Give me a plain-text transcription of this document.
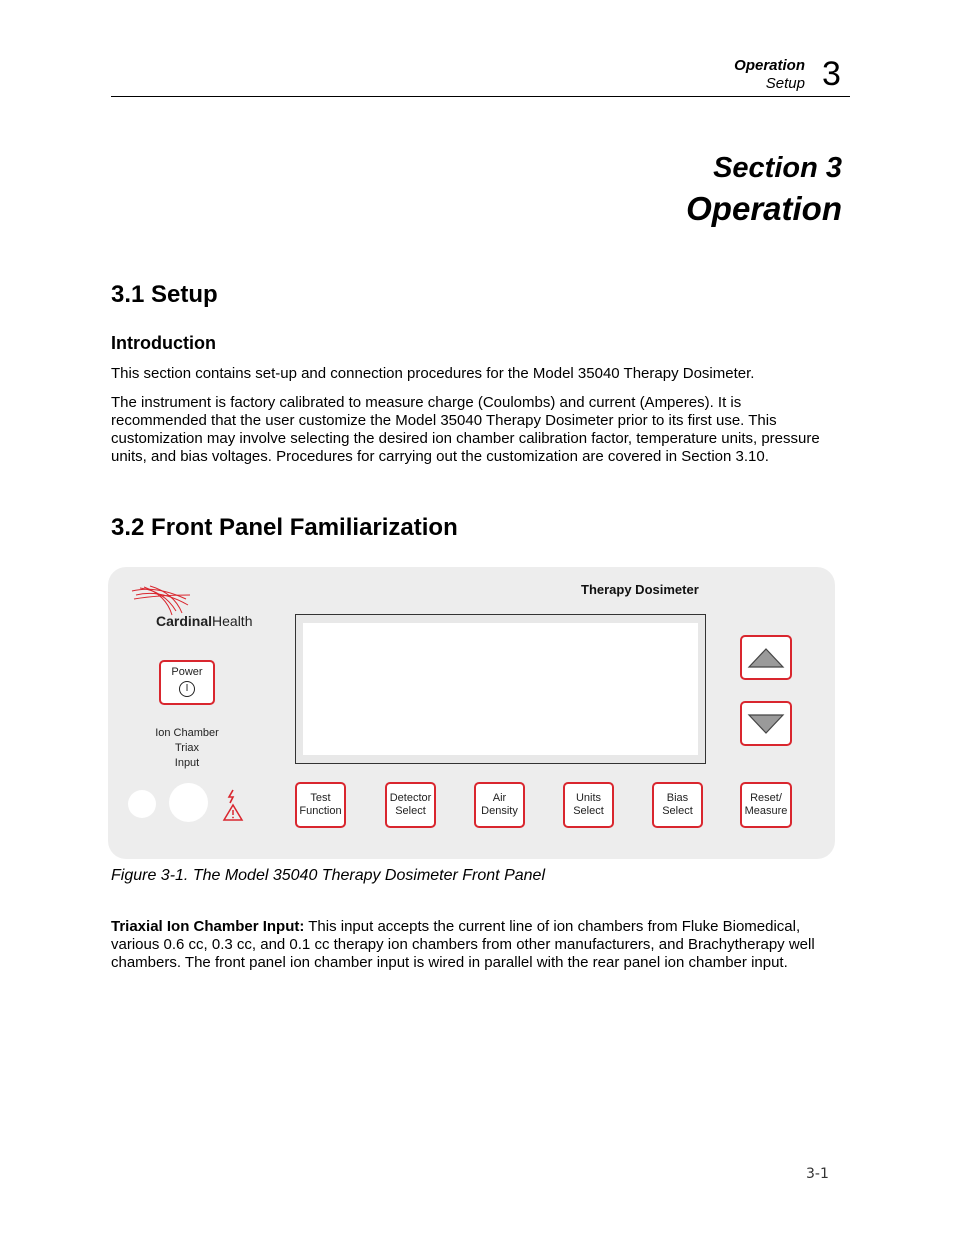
Operation
Setup 3
Section 3
Operation
3.1 Setup
Introduction
This section contains set-up and connection procedures for the Model 35040 Therapy Dosimeter.
The instrument is factory calibrated to measure charge (Coulombs) and current (Amperes). It is recommended that the user customize the Model 35040 Therapy Dosimeter prior to its first use. This customization may involve selecting the desired ion chamber calibration factor, temperature units, pressure units, and bias voltages. Procedures for carrying out the customization are covered in Section 3.10.
3.2 Front Panel Familiarization
Therapy Dosimeter
CardinalHealth
Power
I
Ion Chamber
Triax
Input
Test
Function
Detector
Select
Air
Density
Units
Select
Bias
Select
Reset/
Measure
Figure 3-1. The Model 35040 Therapy Dosimeter Front Panel
Triaxial Ion Chamber Input: This input accepts the current line of ion chambers from Fluke Biomedical, various 0.6 cc, 0.3 cc, and 0.1 cc therapy ion chambers from other manufacturers, and Brachytherapy well chambers. The front panel ion chamber input is wired in parallel with the rear panel ion chamber input.
3-1
